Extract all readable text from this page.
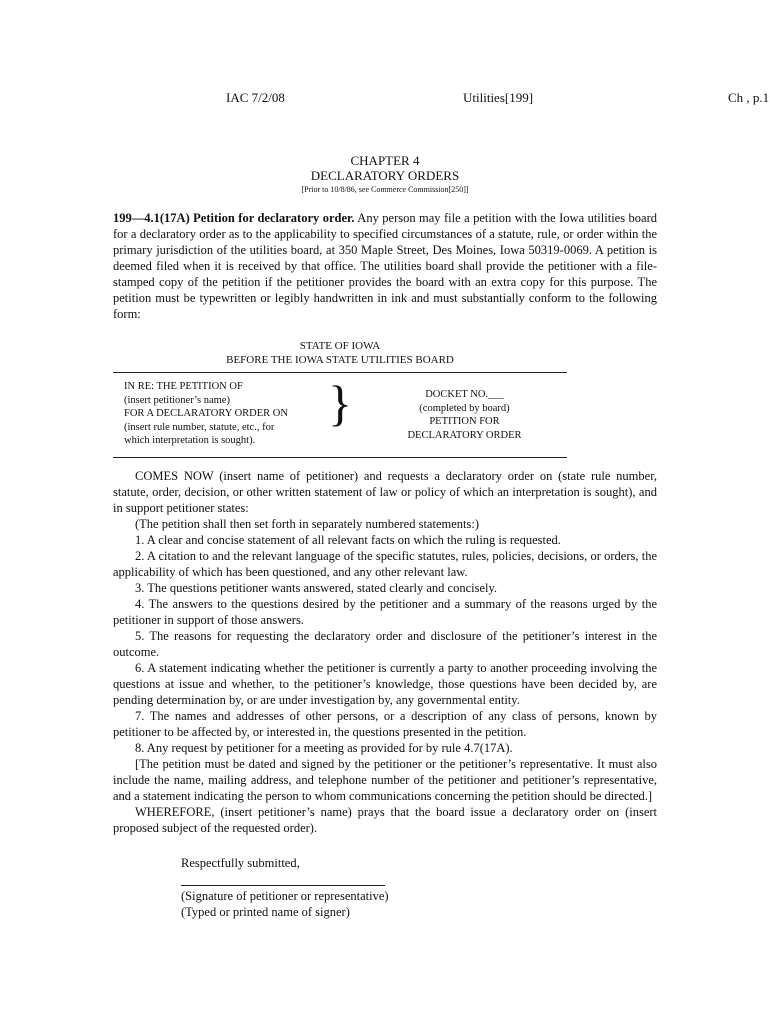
IAC 7/2/08	Utilities[199]	Ch , p.1
CHAPTER 4
DECLARATORY ORDERS
[Prior to 10/8/86, see Commerce Commission[250]]
199—4.1(17A) Petition for declaratory order. Any person may file a petition with the Iowa utilities board for a declaratory order as to the applicability to specified circumstances of a statute, rule, or order within the primary jurisdiction of the utilities board, at 350 Maple Street, Des Moines, Iowa 50319-0069. A petition is deemed filed when it is received by that office. The utilities board shall provide the petitioner with a file-stamped copy of the petition if the petitioner provides the board with an extra copy for this purpose. The petition must be typewritten or legibly handwritten in ink and must substantially conform to the following form:
STATE OF IOWA
BEFORE THE IOWA STATE UTILITIES BOARD
IN RE: THE PETITION OF
(insert petitioner’s name)
FOR A DECLARATORY ORDER ON
(insert rule number, statute, etc., for
which interpretation is sought).
}	DOCKET NO.___
(completed by board)
PETITION FOR
DECLARATORY ORDER

COMES NOW (insert name of petitioner) and requests a declaratory order on (state rule number, statute, order, decision, or other written statement of law or policy of which an interpretation is sought), and in support petitioner states:

(The petition shall then set forth in separately numbered statements:)

1. A clear and concise statement of all relevant facts on which the ruling is requested.

2. A citation to and the relevant language of the specific statutes, rules, policies, decisions, or orders, the applicability of which has been questioned, and any other relevant law.

3. The questions petitioner wants answered, stated clearly and concisely.

4. The answers to the questions desired by the petitioner and a summary of the reasons urged by the petitioner in support of those answers.

5. The reasons for requesting the declaratory order and disclosure of the petitioner’s interest in the outcome.

6. A statement indicating whether the petitioner is currently a party to another proceeding involving the questions at issue and whether, to the petitioner’s knowledge, those questions have been decided by, are pending determination by, or are under investigation by, any governmental entity.

7. The names and addresses of other persons, or a description of any class of persons, known by petitioner to be affected by, or interested in, the questions presented in the petition.

8. Any request by petitioner for a meeting as provided for by rule 4.7(17A).

[The petition must be dated and signed by the petitioner or the petitioner’s representative. It must also include the name, mailing address, and telephone number of the petitioner and petitioner’s representative, and a statement indicating the person to whom communications concerning the petition should be directed.]

WHEREFORE, (insert petitioner’s name) prays that the board issue a declaratory order on (insert proposed subject of the requested order).

Respectfully submitted,
(Signature of petitioner or representative)
(Typed or printed name of signer)
